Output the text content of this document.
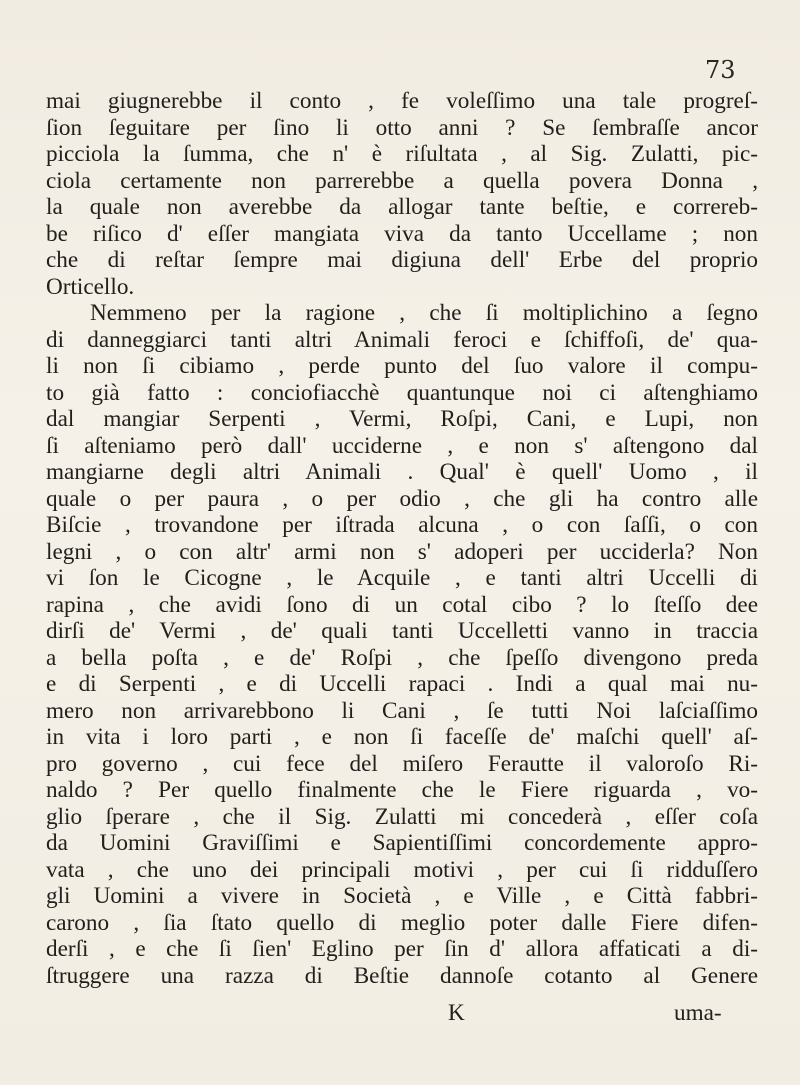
73
mai giugnerebbe il conto , fe voleſſimo una tale progreſ-
ſion ſeguitare per ſino li otto anni ? Se ſembraſſe ancor
picciola la ſumma, che n' è riſultata , al Sig. Zulatti, pic-
ciola certamente non parrerebbe a quella povera Donna ,
la quale non averebbe da allogar tante beſtie, e correreb-
be riſico d' eſſer mangiata viva da tanto Uccellame ; non
che di reſtar ſempre mai digiuna dell' Erbe del proprio
Orticello.
Nemmeno per la ragione , che ſi moltiplichino a ſegno
di danneggiarci tanti altri Animali feroci e ſchiffoſi, de' qua-
li non ſi cibiamo , perde punto del ſuo valore il compu-
to già fatto : conciofiacchè quantunque noi ci aſtenghiamo
dal mangiar Serpenti , Vermi, Roſpi, Cani, e Lupi, non
ſi aſteniamo però dall' ucciderne , e non s' aſtengono dal
mangiarne degli altri Animali . Qual' è quell' Uomo , il
quale o per paura , o per odio , che gli ha contro alle
Biſcie , trovandone per iſtrada alcuna , o con ſaſſi, o con
legni , o con altr' armi non s' adoperi per ucciderla? Non
vi ſon le Cicogne , le Acquile , e tanti altri Uccelli di
rapina , che avidi ſono di un cotal cibo ? lo ſteſſo dee
dirſi de' Vermi , de' quali tanti Uccelletti vanno in traccia
a bella poſta , e de' Roſpi , che ſpeſſo divengono preda
e di Serpenti , e di Uccelli rapaci . Indi a qual mai nu-
mero non arrivarebbono li Cani , ſe tutti Noi laſciaſſimo
in vita i loro parti , e non ſi faceſſe de' maſchi quell' aſ-
pro governo , cui fece del miſero Ferautte il valoroſo Ri-
naldo ? Per quello finalmente che le Fiere riguarda , vo-
glio ſperare , che il Sig. Zulatti mi concederà , eſſer coſa
da Uomini Graviſſimi e Sapientiſſimi concordemente appro-
vata , che uno dei principali motivi , per cui ſi ridduſſero
gli Uomini a vivere in Società , e Ville , e Città fabbri-
carono , ſia ſtato quello di meglio poter dalle Fiere difen-
derſi , e che ſi ſien' Eglino per ſin d' allora affaticati a di-
ſtruggere una razza di Beſtie dannoſe cotanto al Genere
K	uma-
